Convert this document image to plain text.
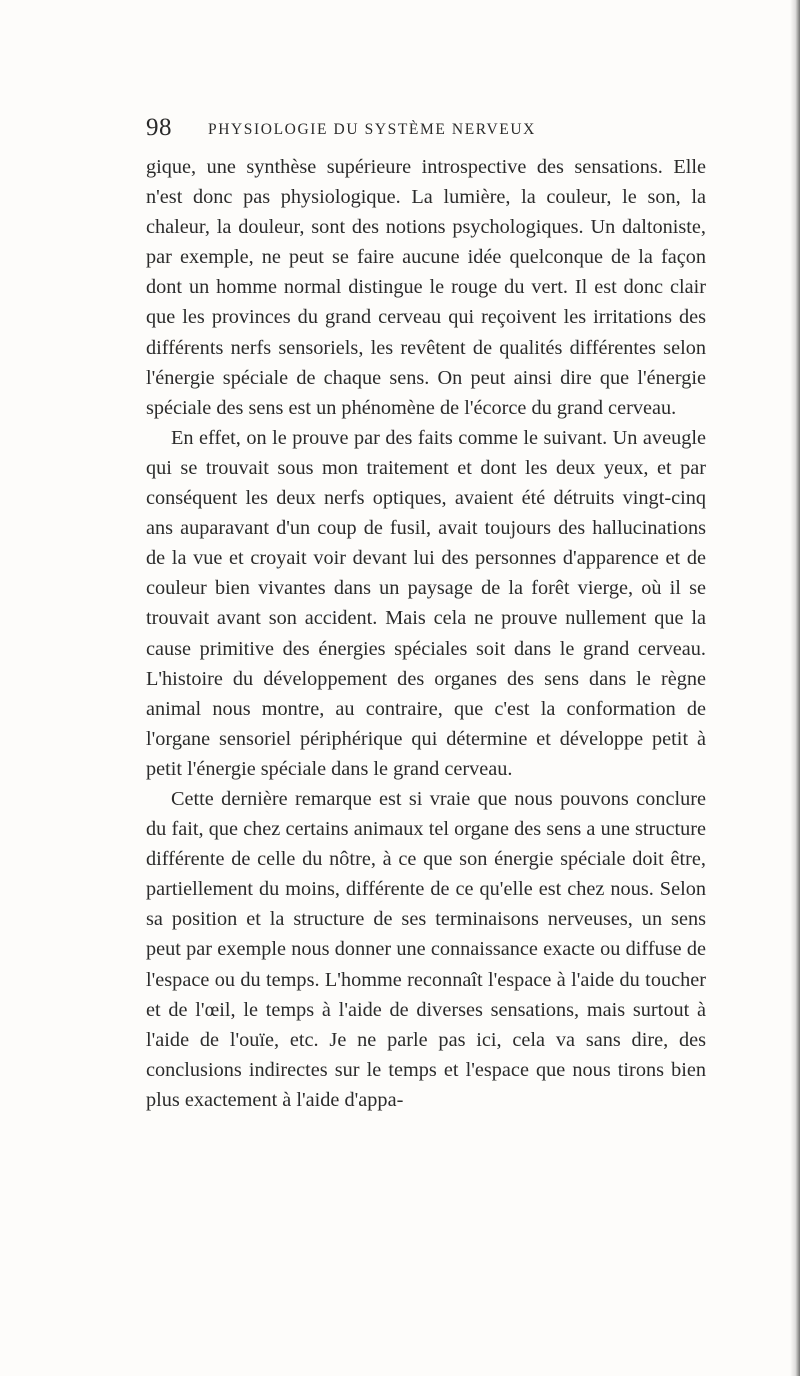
98 PHYSIOLOGIE DU SYSTÈME NERVEUX

gique, une synthèse supérieure introspective des sensations. Elle n'est donc pas physiologique. La lumière, la couleur, le son, la chaleur, la douleur, sont des notions psychologiques. Un daltoniste, par exemple, ne peut se faire aucune idée quelconque de la façon dont un homme normal distingue le rouge du vert. Il est donc clair que les provinces du grand cerveau qui reçoivent les irritations des différents nerfs sensoriels, les revêtent de qualités différentes selon l'énergie spéciale de chaque sens. On peut ainsi dire que l'énergie spéciale des sens est un phénomène de l'écorce du grand cerveau.

En effet, on le prouve par des faits comme le suivant. Un aveugle qui se trouvait sous mon traitement et dont les deux yeux, et par conséquent les deux nerfs optiques, avaient été détruits vingt-cinq ans auparavant d'un coup de fusil, avait toujours des hallucinations de la vue et croyait voir devant lui des personnes d'apparence et de couleur bien vivantes dans un paysage de la forêt vierge, où il se trouvait avant son accident. Mais cela ne prouve nullement que la cause primitive des énergies spéciales soit dans le grand cerveau. L'histoire du développement des organes des sens dans le règne animal nous montre, au contraire, que c'est la conformation de l'organe sensoriel périphérique qui détermine et développe petit à petit l'énergie spéciale dans le grand cerveau.

Cette dernière remarque est si vraie que nous pouvons conclure du fait, que chez certains animaux tel organe des sens a une structure différente de celle du nôtre, à ce que son énergie spéciale doit être, partiellement du moins, différente de ce qu'elle est chez nous. Selon sa position et la structure de ses terminaisons nerveuses, un sens peut par exemple nous donner une connaissance exacte ou diffuse de l'espace ou du temps. L'homme reconnaît l'espace à l'aide du toucher et de l'œil, le temps à l'aide de diverses sensations, mais surtout à l'aide de l'ouïe, etc. Je ne parle pas ici, cela va sans dire, des conclusions indirectes sur le temps et l'espace que nous tirons bien plus exactement à l'aide d'appa-
